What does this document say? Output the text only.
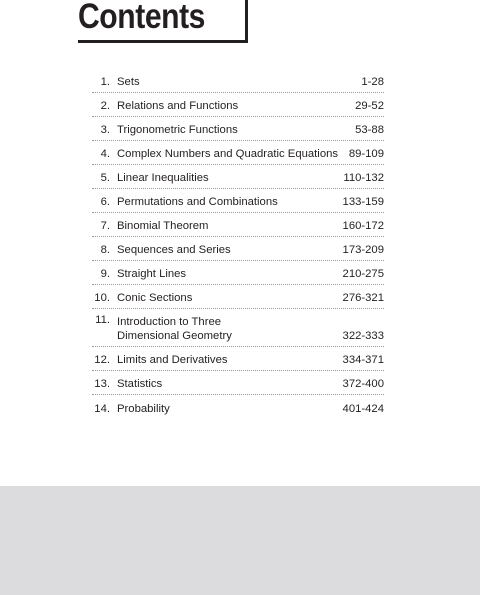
Contents
1. Sets	1-28
2. Relations and Functions	29-52
3. Trigonometric Functions	53-88
4. Complex Numbers and Quadratic Equations 89-109
5. Linear Inequalities	110-132
6. Permutations and Combinations	133-159
7. Binomial Theorem	160-172
8. Sequences and Series	173-209
9. Straight Lines	210-275
10. Conic Sections	276-321
11. Introduction to Three
Dimensional Geometry	322-333
12. Limits and Derivatives	334-371
13. Statistics	372-400
14. Probability	401-424
